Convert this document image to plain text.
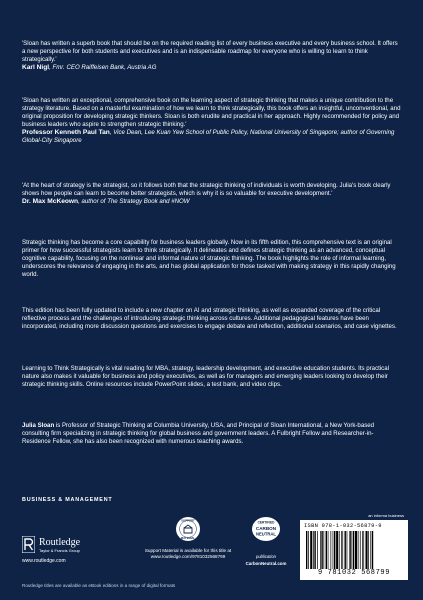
'Sloan has written a superb book that should be on the required reading list of every business executive and every business school. It offers a new perspective for both students and executives and is an indispensable roadmap for everyone who is willing to learn to think strategically.'

Karl Nigl, Fmr. CEO Raiffeisen Bank, Austria AG

'Sloan has written an exceptional, comprehensive book on the learning aspect of strategic thinking that makes a unique contribution to the strategy literature. Based on a masterful examination of how we learn to think strategically, this book offers an insightful, unconventional, and original proposition for developing strategic thinkers. Sloan is both erudite and practical in her approach. Highly recommended for policy and business leaders who aspire to strengthen strategic thinking.'

Professor Kenneth Paul Tan, Vice Dean, Lee Kuan Yew School of Public Policy, National University of Singapore; author of Governing Global-City Singapore

'At the heart of strategy is the strategist, so it follows both that the strategic thinking of individuals is worth developing. Julia's book clearly shows how people can learn to become better strategists, which is why it is so valuable for executive development.'

Dr. Max McKeown, author of The Strategy Book and #NOW

Strategic thinking has become a core capability for business leaders globally. Now in its fifth edition, this comprehensive text is an original primer for how successful strategists learn to think strategically. It delineates and defines strategic thinking as an advanced, conceptual cognitive capability, focusing on the nonlinear and informal nature of strategic thinking. The book highlights the role of informal learning, underscores the relevance of engaging in the arts, and has global application for those tasked with making strategy in this rapidly changing world.

This edition has been fully updated to include a new chapter on AI and strategic thinking, as well as expanded coverage of the critical reflective process and the challenges of introducing strategic thinking across cultures. Additional pedagogical features have been incorporated, including more discussion questions and exercises to engage debate and reflection, additional scenarios, and case vignettes.

Learning to Think Strategically is vital reading for MBA, strategy, leadership development, and executive education students. Its practical nature also makes it valuable for business and policy executives, as well as for managers and emerging leaders looking to develop their strategic thinking skills. Online resources include PowerPoint slides, a test bank, and video clips.

Julia Sloan is Professor of Strategic Thinking at Columbia University, USA, and Principal of Sloan International, a New York-based consulting firm specializing in strategic thinking for global business and government leaders. A Fulbright Fellow and Researcher-in-Residence Fellow, she has also been recognized with numerous teaching awards.

BUSINESS & MANAGEMENT
Routledge
Taylor & Francis Group
www.routledge.com
SUPPORT
MATERIAL
Support Material is available for this title at
www.routledge.com/9781032568799
CERTIFIED
CARBON
NEUTRAL
publication
CarbonNeutral.com
an informa business
ISBN 978-1-032-56879-9
9 781032 568799
Routledge titles are available as eBook editions in a range of digital formats
